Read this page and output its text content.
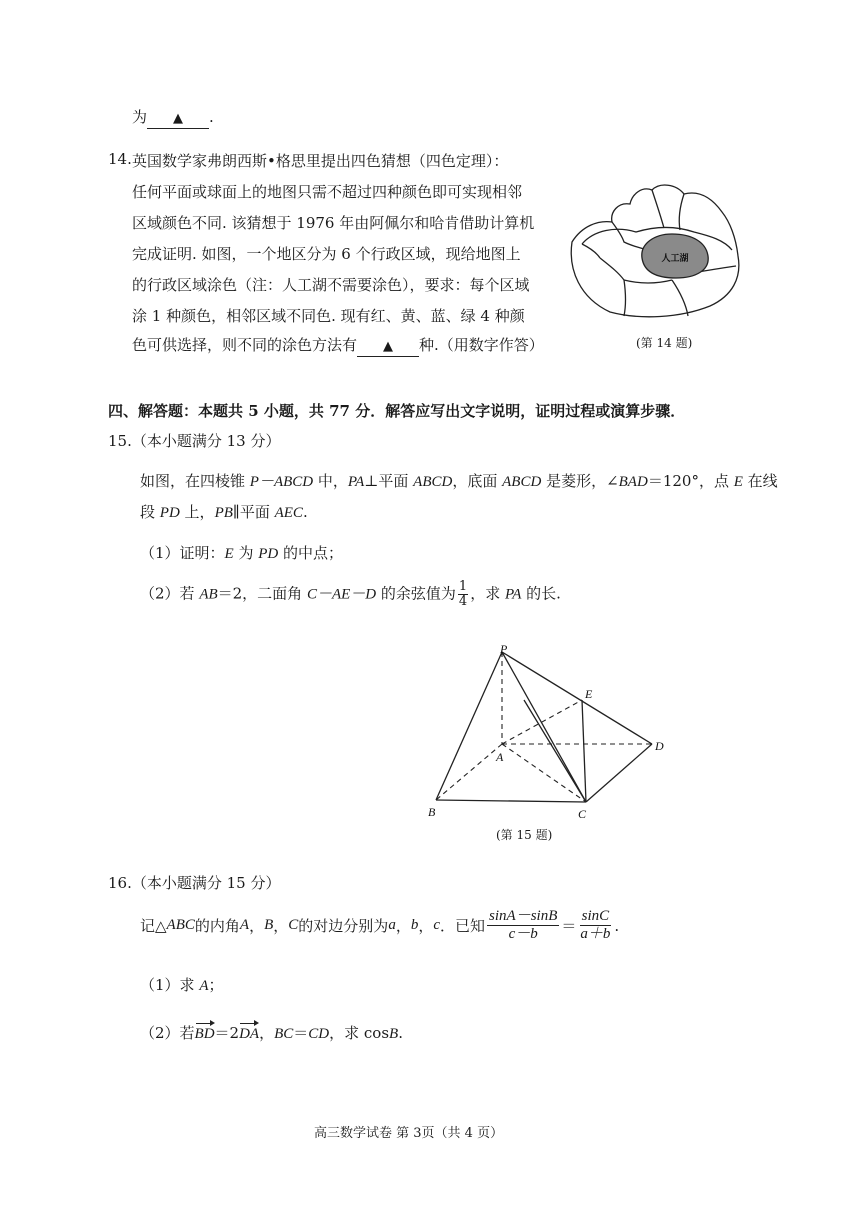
为 ▲ .
14. 英国数学家弗朗西斯•格思里提出四色猜想（四色定理）：
任何平面或球面上的地图只需不超过四种颜色即可实现相邻
区域颜色不同. 该猜想于 1976 年由阿佩尔和哈肯借助计算机
完成证明. 如图，一个地区分为 6 个行政区域，现给地图上
的行政区域涂色（注：人工湖不需要涂色），要求：每个区域
涂 1 种颜色，相邻区域不同色. 现有红、黄、蓝、绿 4 种颜
色可供选择，则不同的涂色方法有 ▲ 种.（用数字作答）
人工湖
(第 14 题)
四、解答题：本题共 5 小题，共 77 分．解答应写出文字说明，证明过程或演算步骤．
15.（本小题满分 13 分）
如图，在四棱锥 P－ABCD 中，PA⊥平面 ABCD，底面 ABCD 是菱形，∠BAD＝120°，点 E 在线
段 PD 上，PB∥平面 AEC.
（1）证明：E 为 PD 的中点；
（2）若 AB＝2，二面角 C－AE－D 的余弦值为 $\frac{1}{4}$ ，求 PA 的长.
P
E
D
A
B	C
(第 15 题)
16.（本小题满分 15 分）
记△ ABC 的内角 A ， B ， C 的对边分别为 a ， b ， c ．已知 $\frac{\sin A-\sin B}{c-b} = \frac{\sin C}{a+b}$ .
（1）求 A；
（2）若BD＝2DA，BC＝CD，求 cosB.
高三数学试卷 第 3页（共 4 页）
